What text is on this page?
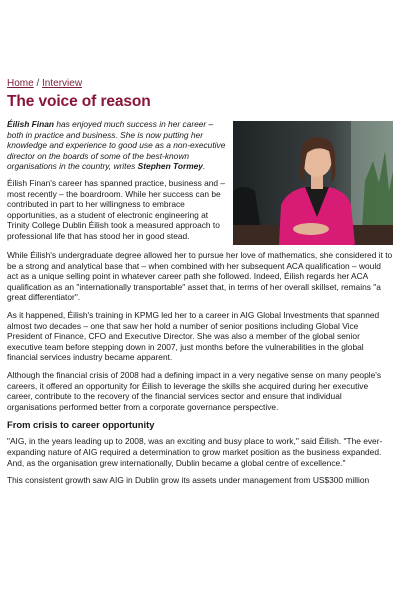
Home / Interview
The voice of reason

Éilish Finan has enjoyed much success in her career – both in practice and business. She is now putting her knowledge and experience to good use as a non-executive director on the boards of some of the best-known organisations in the country, writes Stephen Tormey.

Éilish Finan's career has spanned practice, business and – most recently – the boardroom. While her success can be contributed in part to her willingness to embrace opportunities, as a student of electronic engineering at Trinity College Dublin Éilish took a measured approach to professional life that has stood her in good stead.

While Éilish's undergraduate degree allowed her to pursue her love of mathematics, she considered it to be a strong and analytical base that – when combined with her subsequent ACA qualification – would act as a unique selling point in whatever career path she followed. Indeed, Éilish regards her ACA qualification as an "internationally transportable" asset that, in terms of her overall skillset, remains "a great differentiator".

As it happened, Éilish's training in KPMG led her to a career in AIG Global Investments that spanned almost two decades – one that saw her hold a number of senior positions including Global Vice President of Finance, CFO and Executive Director. She was also a member of the global senior executive team before stepping down in 2007, just months before the vulnerabilities in the global financial services industry became apparent.

Although the financial crisis of 2008 had a defining impact in a very negative sense on many people's careers, it offered an opportunity for Éilish to leverage the skills she acquired during her executive career, contribute to the recovery of the financial services sector and ensure that individual organisations performed better from a corporate governance perspective.

From crisis to career opportunity

"AIG, in the years leading up to 2008, was an exciting and busy place to work," said Éilish. "The ever-expanding nature of AIG required a determination to grow market position as the business expanded. And, as the organisation grew internationally, Dublin became a global centre of excellence."

This consistent growth saw AIG in Dublin grow its assets under management from US$300 million
